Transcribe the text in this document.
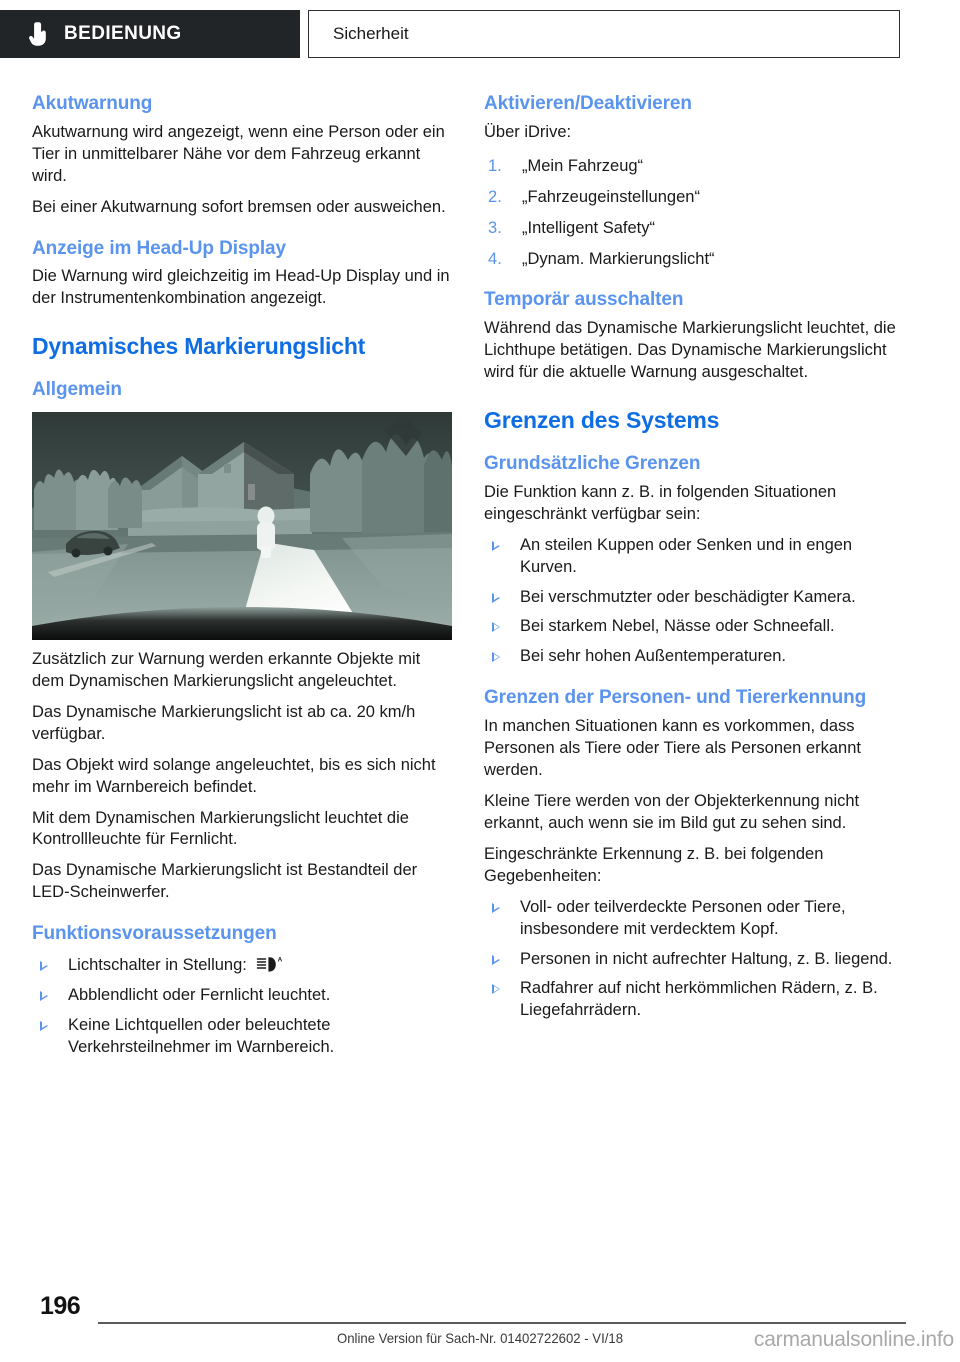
BEDIENUNG	Sicherheit
Akutwarnung

Akutwarnung wird angezeigt, wenn eine Person oder ein Tier in unmittelbarer Nähe vor dem Fahrzeug erkannt wird.

Bei einer Akutwarnung sofort bremsen oder ausweichen.

Anzeige im Head-Up Display

Die Warnung wird gleichzeitig im Head-Up Display und in der Instrumentenkombination angezeigt.

Dynamisches Markierungslicht
Allgemein

Zusätzlich zur Warnung werden erkannte Objekte mit dem Dynamischen Markierungslicht angeleuchtet.

Das Dynamische Markierungslicht ist ab ca. 20 km/h verfügbar.

Das Objekt wird solange angeleuchtet, bis es sich nicht mehr im Warnbereich befindet.

Mit dem Dynamischen Markierungslicht leuchtet die Kontrollleuchte für Fernlicht.

Das Dynamische Markierungslicht ist Bestandteil der LED-Scheinwerfer.

Funktionsvoraussetzungen
Lichtschalter in Stellung:	A
Abblendlicht oder Fernlicht leuchtet.
Keine Lichtquellen oder beleuchtete Verkehrsteilnehmer im Warnbereich.
Aktivieren/Deaktivieren

Über iDrive:

„Mein Fahrzeug“
„Fahrzeugeinstellungen“
„Intelligent Safety“
„Dynam. Markierungslicht“
Temporär ausschalten

Während das Dynamische Markierungslicht leuchtet, die Lichthupe betätigen. Das Dynamische Markierungslicht wird für die aktuelle Warnung ausgeschaltet.

Grenzen des Systems
Grundsätzliche Grenzen

Die Funktion kann z. B. in folgenden Situationen eingeschränkt verfügbar sein:

An steilen Kuppen oder Senken und in engen Kurven.
Bei verschmutzter oder beschädigter Kamera.
Bei starkem Nebel, Nässe oder Schneefall.
Bei sehr hohen Außentemperaturen.
Grenzen der Personen- und Tiererkennung

In manchen Situationen kann es vorkommen, dass Personen als Tiere oder Tiere als Personen erkannt werden.

Kleine Tiere werden von der Objekterkennung nicht erkannt, auch wenn sie im Bild gut zu sehen sind.

Eingeschränkte Erkennung z. B. bei folgenden Gegebenheiten:

Voll- oder teilverdeckte Personen oder Tiere, insbesondere mit verdecktem Kopf.
Personen in nicht aufrechter Haltung, z. B. liegend.
Radfahrer auf nicht herkömmlichen Rädern, z. B. Liegefahrrädern.
196
Online Version für Sach-Nr. 01402722602 - VI/18	carmanualsonline.info
